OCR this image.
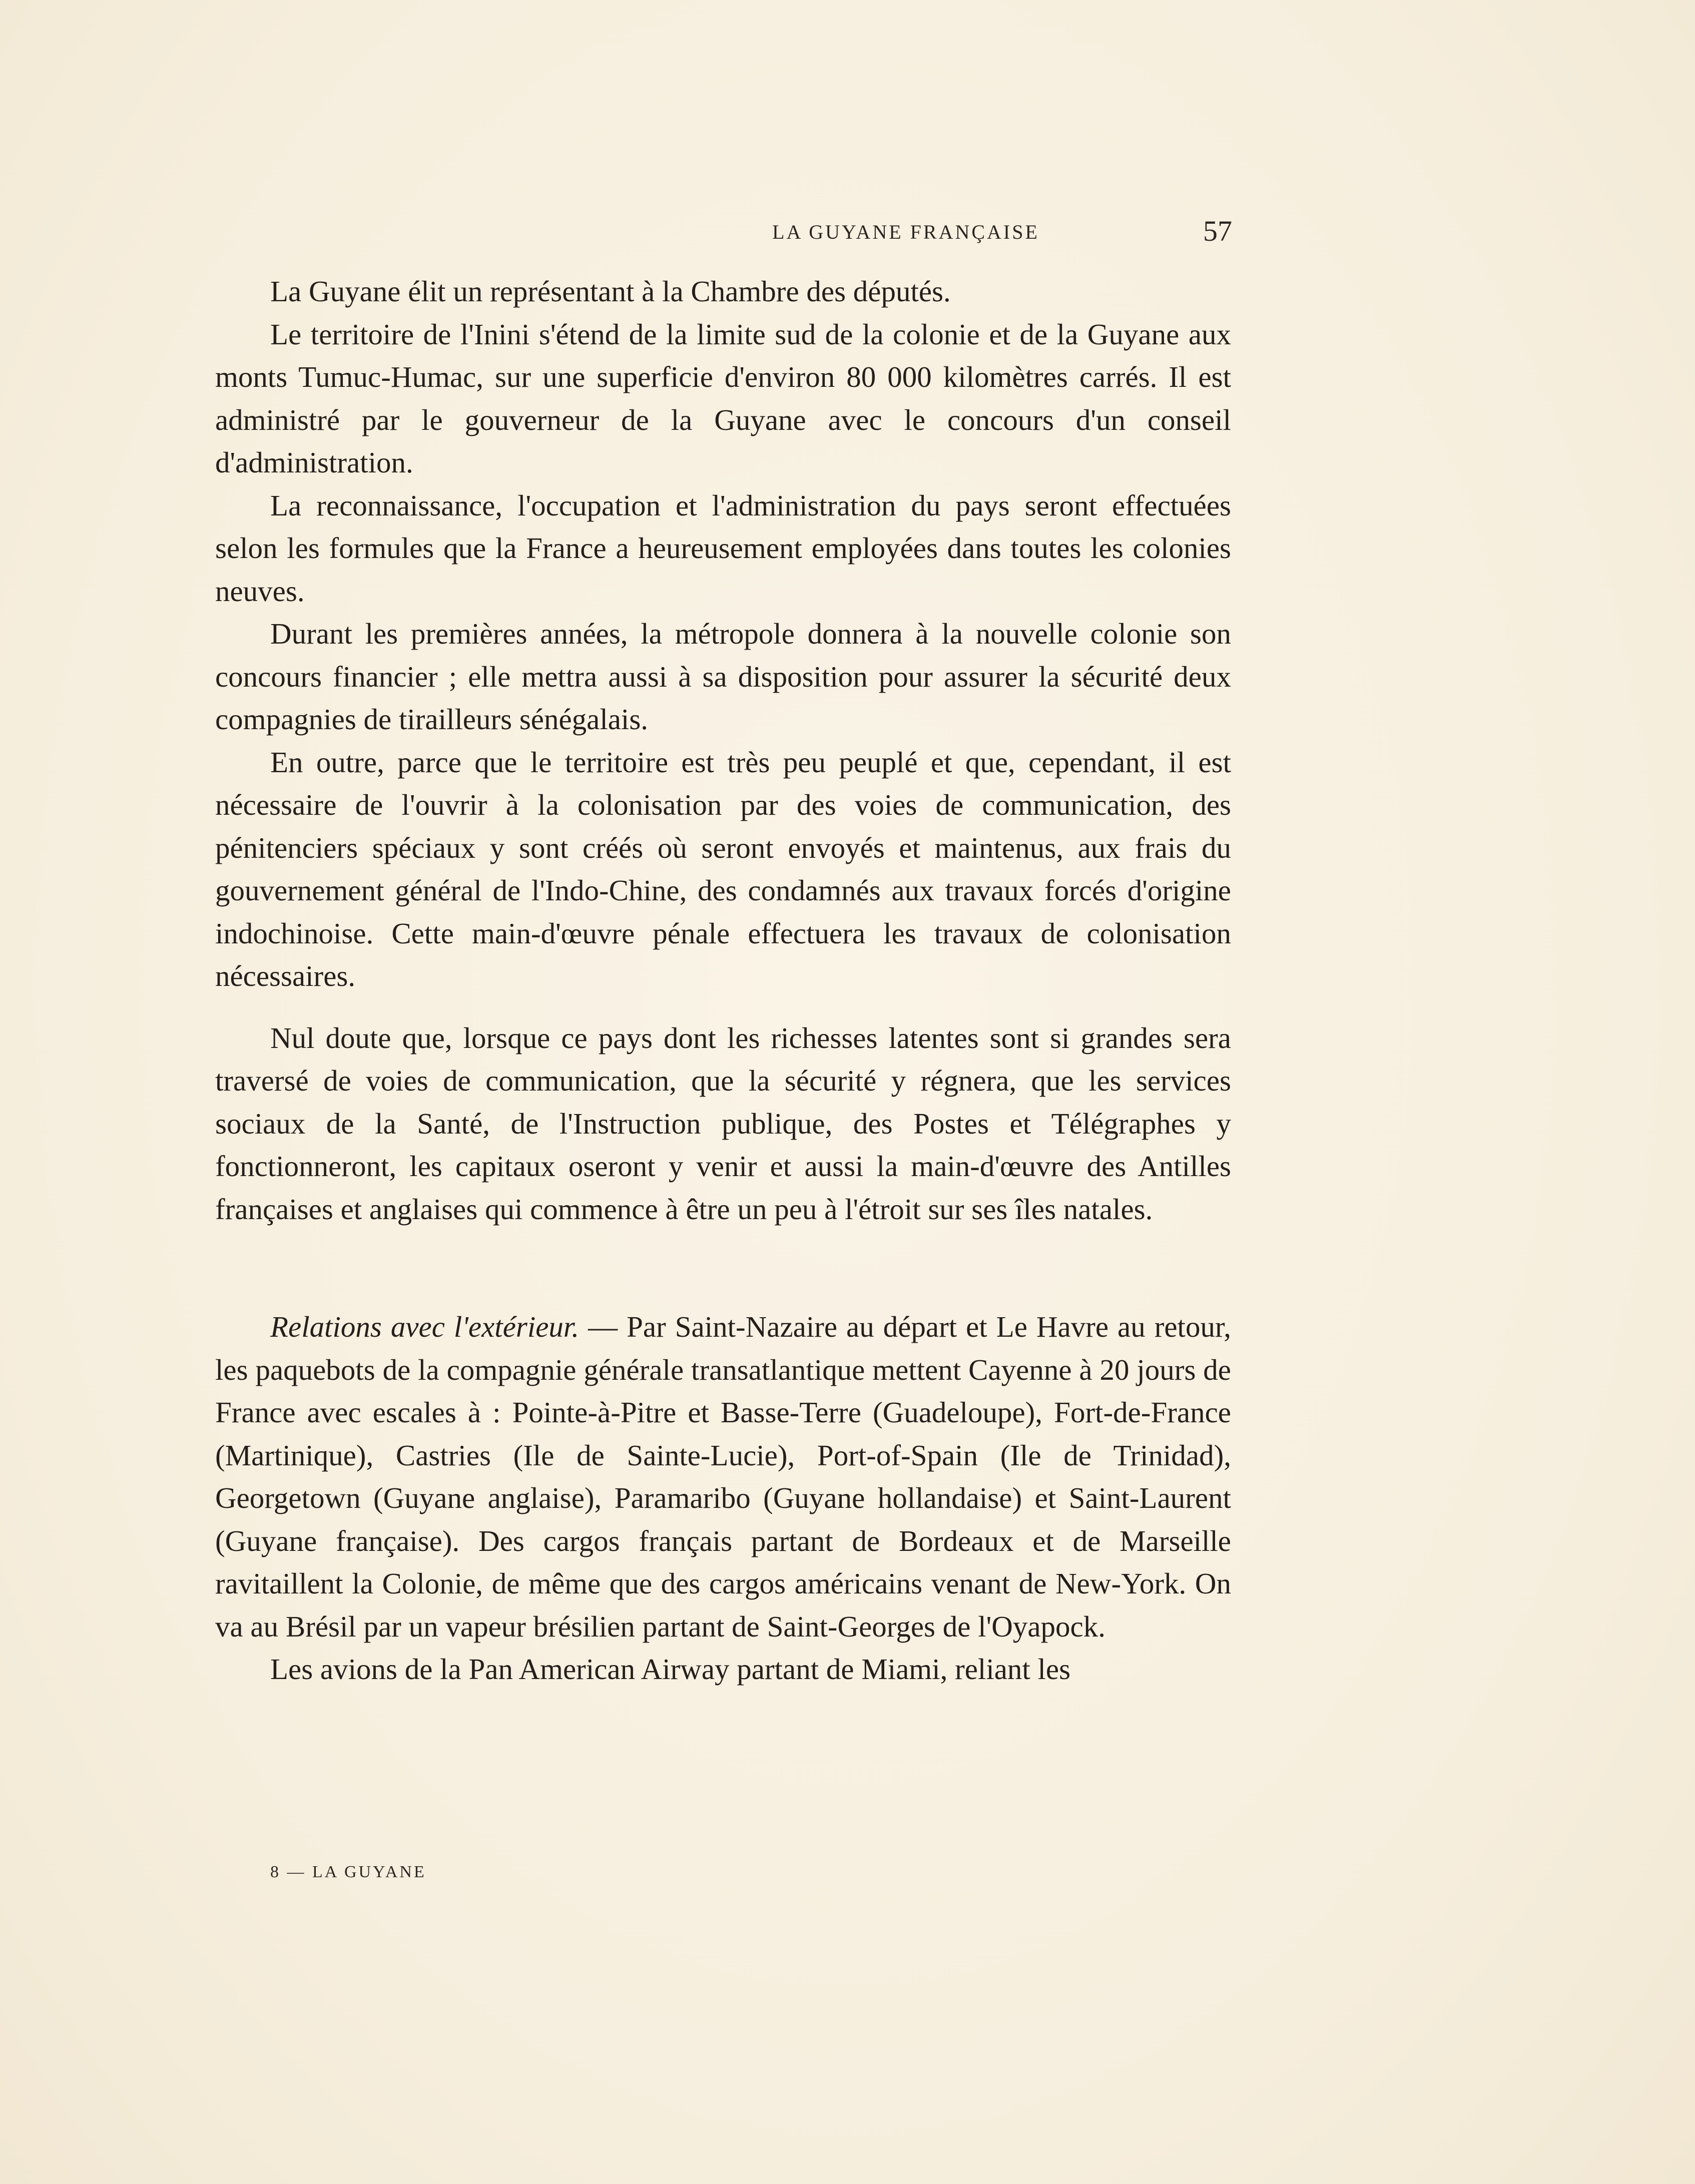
LA GUYANE FRANÇAISE	57

La Guyane élit un représentant à la Chambre des députés.

Le territoire de l'Inini s'étend de la limite sud de la colonie et de la Guyane aux monts Tumuc-Humac, sur une superficie d'environ 80 000 kilomètres carrés. Il est administré par le gouverneur de la Guyane avec le concours d'un conseil d'administration.

La reconnaissance, l'occupation et l'administration du pays seront effectuées selon les formules que la France a heureusement employées dans toutes les colonies neuves.

Durant les premières années, la métropole donnera à la nouvelle colonie son concours financier ; elle mettra aussi à sa disposition pour assurer la sécurité deux compagnies de tirailleurs sénégalais.

En outre, parce que le territoire est très peu peuplé et que, cependant, il est nécessaire de l'ouvrir à la colonisation par des voies de communication, des pénitenciers spéciaux y sont créés où seront envoyés et maintenus, aux frais du gouvernement général de l'Indo-Chine, des condamnés aux travaux forcés d'origine indochinoise. Cette main-d'œuvre pénale effectuera les travaux de colonisation nécessaires.

Nul doute que, lorsque ce pays dont les richesses latentes sont si grandes sera traversé de voies de communication, que la sécurité y régnera, que les services sociaux de la Santé, de l'Instruction publique, des Postes et Télégraphes y fonctionneront, les capitaux oseront y venir et aussi la main-d'œuvre des Antilles françaises et anglaises qui commence à être un peu à l'étroit sur ses îles natales.

Relations avec l'extérieur. — Par Saint-Nazaire au départ et Le Havre au retour, les paquebots de la compagnie générale transatlantique mettent Cayenne à 20 jours de France avec escales à : Pointe-à-Pitre et Basse-Terre (Guadeloupe), Fort-de-France (Martinique), Castries (Ile de Sainte-Lucie), Port-of-Spain (Ile de Trinidad), Georgetown (Guyane anglaise), Paramaribo (Guyane hollandaise) et Saint-Laurent (Guyane française). Des cargos français partant de Bordeaux et de Marseille ravitaillent la Colonie, de même que des cargos américains venant de New-York. On va au Brésil par un vapeur brésilien partant de Saint-Georges de l'Oyapock.

Les avions de la Pan American Airway partant de Miami, reliant les

8 — LA GUYANE
